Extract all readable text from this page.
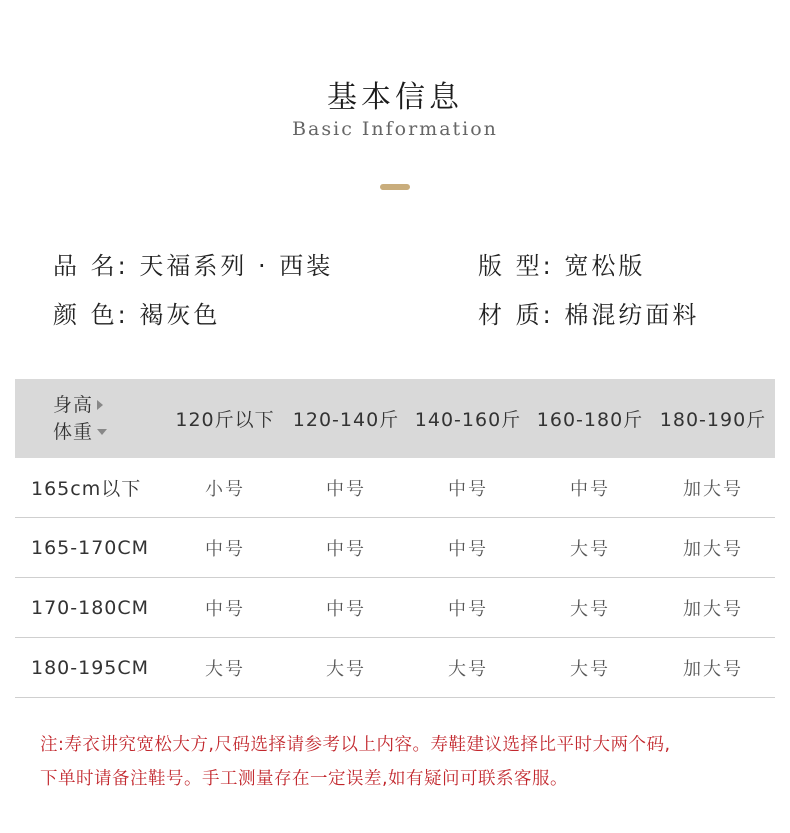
基本信息
Basic Information
品 名: 天福系列 · 西装	版 型: 宽松版
颜 色: 褐灰色	材 质: 棉混纺面料
身高
体重	120斤以下	120-140斤	140-160斤	160-180斤	180-190斤
165cm以下	小号	中号	中号	中号	加大号
165-170CM	中号	中号	中号	大号	加大号
170-180CM	中号	中号	中号	大号	加大号
180-195CM	大号	大号	大号	大号	加大号
注:寿衣讲究宽松大方,尺码选择请参考以上内容。寿鞋建议选择比平时大两个码,
下单时请备注鞋号。手工测量存在一定误差,如有疑问可联系客服。
